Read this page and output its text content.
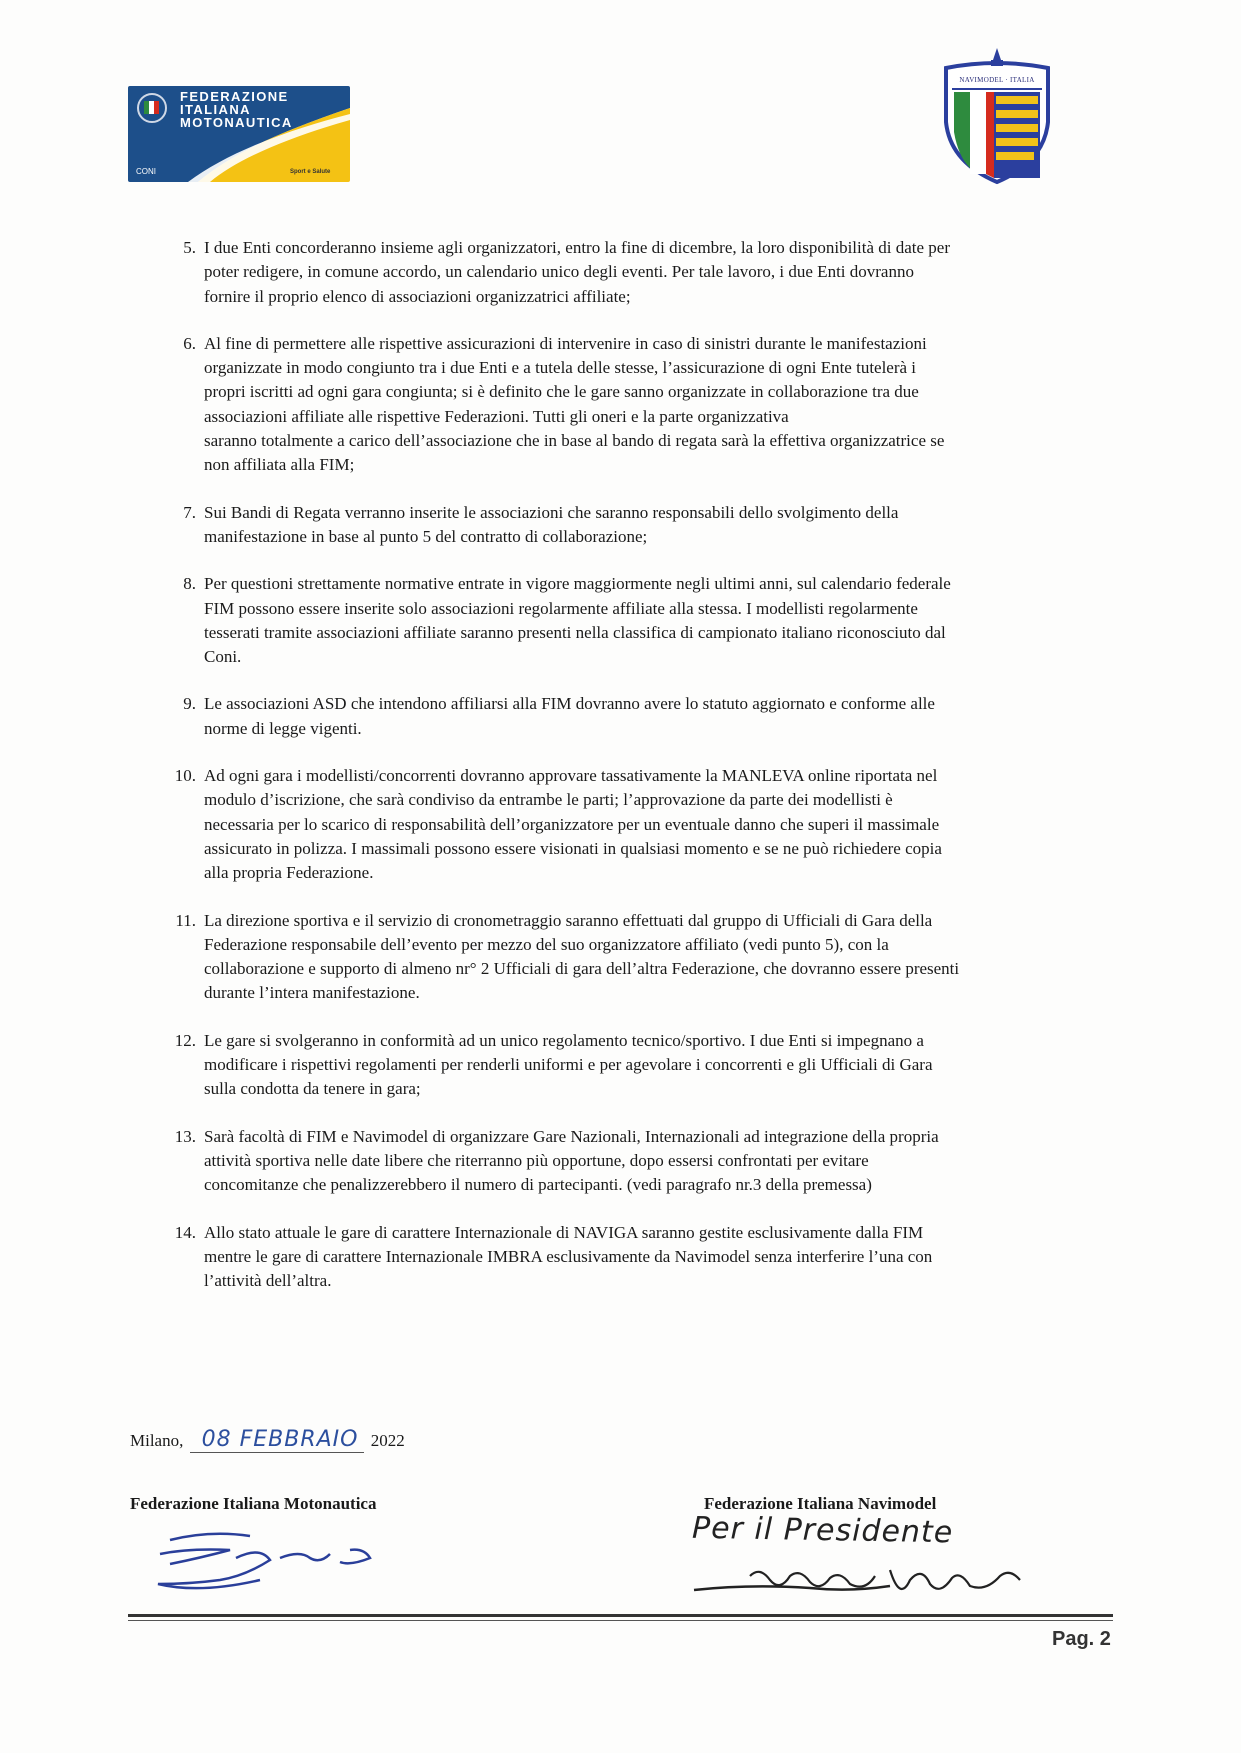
FEDERAZIONE
ITALIANA
MOTONAUTICA
CONI	Sport e Salute
NAVIMODEL · ITALIA
5. I due Enti concorderanno insieme agli organizzatori, entro la fine di dicembre, la loro disponibilità di date per
poter redigere, in comune accordo, un calendario unico degli eventi. Per tale lavoro, i due Enti dovranno
fornire il proprio elenco di associazioni organizzatrici affiliate;
6. Al fine di permettere alle rispettive assicurazioni di intervenire in caso di sinistri durante le manifestazioni
organizzate in modo congiunto tra i due Enti e a tutela delle stesse, l’assicurazione di ogni Ente tutelerà i
propri iscritti ad ogni gara congiunta; si è definito che le gare sanno organizzate in collaborazione tra due
associazioni affiliate alle rispettive Federazioni. Tutti gli oneri e la parte organizzativa
saranno totalmente a carico dell’associazione che in base al bando di regata sarà la effettiva organizzatrice se
non affiliata alla FIM;
7. Sui Bandi di Regata verranno inserite le associazioni che saranno responsabili dello svolgimento della
manifestazione in base al punto 5 del contratto di collaborazione;
8. Per questioni strettamente normative entrate in vigore maggiormente negli ultimi anni, sul calendario federale
FIM possono essere inserite solo associazioni regolarmente affiliate alla stessa. I modellisti regolarmente
tesserati tramite associazioni affiliate saranno presenti nella classifica di campionato italiano riconosciuto dal
Coni.
9. Le associazioni ASD che intendono affiliarsi alla FIM dovranno avere lo statuto aggiornato e conforme alle
norme di legge vigenti.
10. Ad ogni gara i modellisti/concorrenti dovranno approvare tassativamente la MANLEVA online riportata nel
modulo d’iscrizione, che sarà condiviso da entrambe le parti; l’approvazione da parte dei modellisti è
necessaria per lo scarico di responsabilità dell’organizzatore per un eventuale danno che superi il massimale
assicurato in polizza. I massimali possono essere visionati in qualsiasi momento e se ne può richiedere copia
alla propria Federazione.
11. La direzione sportiva e il servizio di cronometraggio saranno effettuati dal gruppo di Ufficiali di Gara della
Federazione responsabile dell’evento per mezzo del suo organizzatore affiliato (vedi punto 5), con la
collaborazione e supporto di almeno nr° 2 Ufficiali di gara dell’altra Federazione, che dovranno essere presenti
durante l’intera manifestazione.
12. Le gare si svolgeranno in conformità ad un unico regolamento tecnico/sportivo. I due Enti si impegnano a
modificare i rispettivi regolamenti per renderli uniformi e per agevolare i concorrenti e gli Ufficiali di Gara
sulla condotta da tenere in gara;
13. Sarà facoltà di FIM e Navimodel di organizzare Gare Nazionali, Internazionali ad integrazione della propria
attività sportiva nelle date libere che riterranno più opportune, dopo essersi confrontati per evitare
concomitanze che penalizzerebbero il numero di partecipanti. (vedi paragrafo nr.3 della premessa)
14. Allo stato attuale le gare di carattere Internazionale di NAVIGA saranno gestite esclusivamente dalla FIM
mentre le gare di carattere Internazionale IMBRA esclusivamente da Navimodel senza interferire l’una con
l’attività dell’altra.
Milano, 08 FEBBRAIO 2022
Federazione Italiana Motonautica	Federazione Italiana Navimodel
Per il Presidente
Pag. 2
